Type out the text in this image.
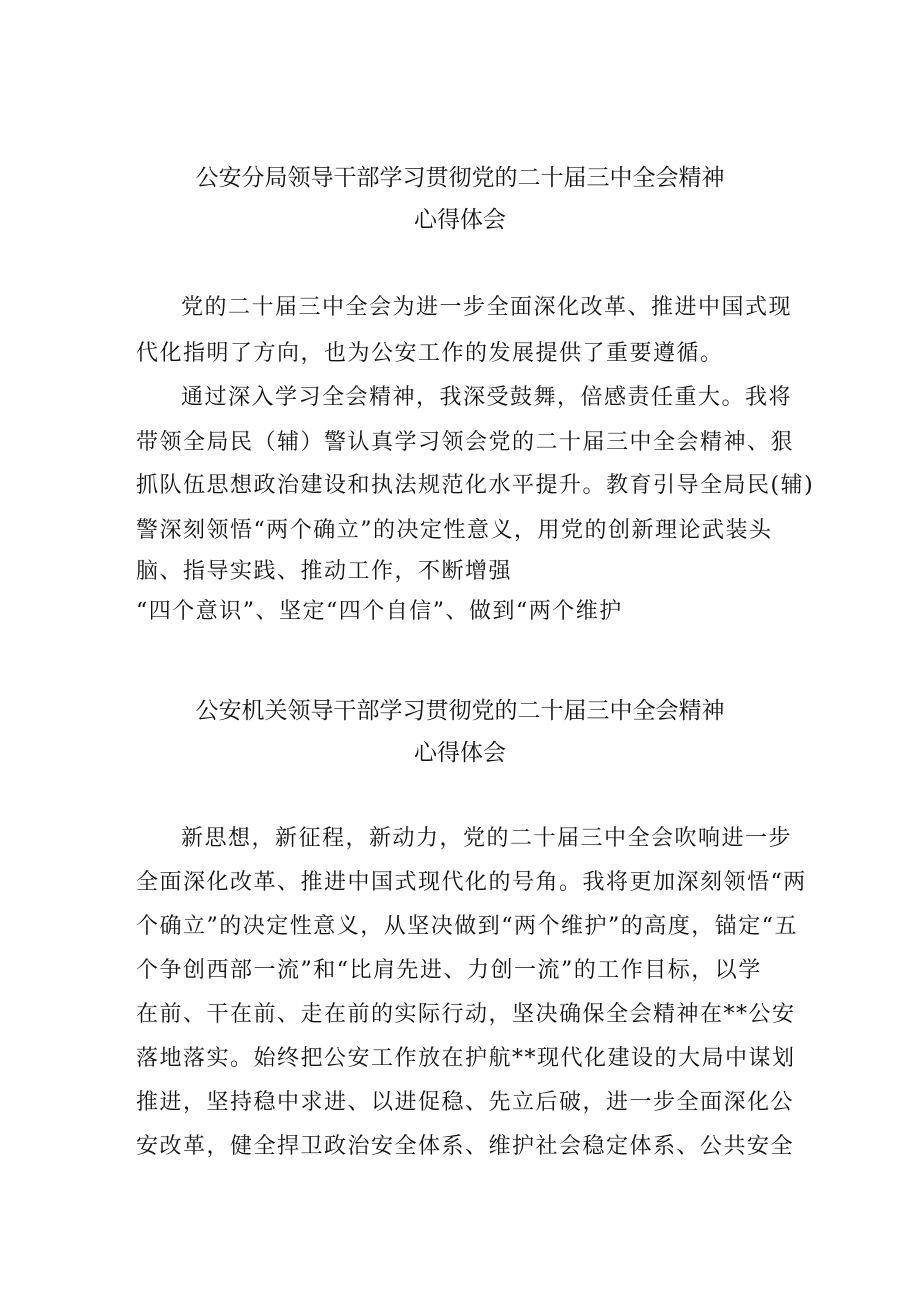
公安分局领导干部学习贯彻党的二十届三中全会精神
心得体会
党的二十届三中全会为进一步全面深化改革、推进中国式现
代化指明了方向，也为公安工作的发展提供了重要遵循。
通过深入学习全会精神，我深受鼓舞，倍感责任重大。我将
带领全局民（辅）警认真学习领会党的二十届三中全会精神、狠
抓队伍思想政治建设和执法规范化水平提升。教育引导全局民(辅)
警深刻领悟“两个确立”的决定性意义，用党的创新理论武装头
脑、指导实践、推动工作，不断增强
“四个意识”、坚定“四个自信”、做到“两个维护
公安机关领导干部学习贯彻党的二十届三中全会精神
心得体会
新思想，新征程，新动力，党的二十届三中全会吹响进一步
全面深化改革、推进中国式现代化的号角。我将更加深刻领悟“两
个确立”的决定性意义，从坚决做到“两个维护”的高度，锚定“五
个争创西部一流”和“比肩先进、力创一流”的工作目标，以学
在前、干在前、走在前的实际行动，坚决确保全会精神在**公安
落地落实。始终把公安工作放在护航**现代化建设的大局中谋划
推进，坚持稳中求进、以进促稳、先立后破，进一步全面深化公
安改革，健全捍卫政治安全体系、维护社会稳定体系、公共安全
